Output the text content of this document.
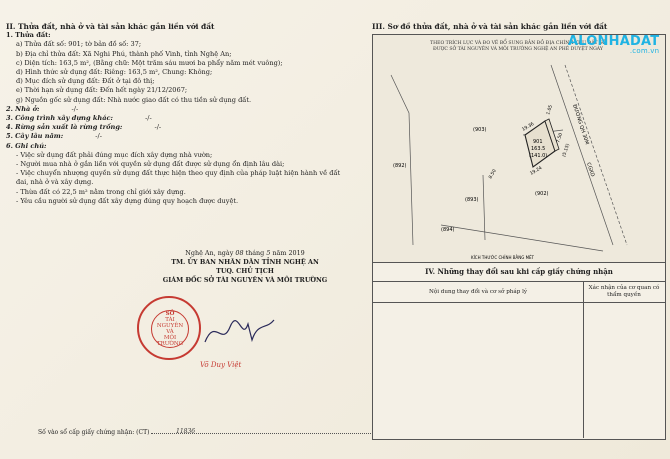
II. Thửa đất, nhà ở và tài sản khác gắn liền với đất
1. Thửa đất:
a) Thửa đất số: 901; tờ bản đồ số: 37;
b) Địa chỉ thửa đất: Xã Nghi Phú, thành phố Vinh, tỉnh Nghệ An;
c) Diện tích: 163,5 m², (Bằng chữ: Một trăm sáu mươi ba phẩy năm mét vuông);
d) Hình thức sử dụng đất: Riêng: 163,5 m², Chung: Không;
đ) Mục đích sử dụng đất: Đất ở tại đô thị;
e) Thời hạn sử dụng đất: Đến hết ngày 21/12/2067;
g) Nguồn gốc sử dụng đất: Nhà nước giao đất có thu tiền sử dụng đất.
2. Nhà ở:	-/-
3. Công trình xây dựng khác:	-/-
4. Rừng sản xuất là rừng trồng:	-/-
5. Cây lâu năm:	-/-
6. Ghi chú:
- Việc sử dụng đất phải đúng mục đích xây dựng nhà vườn;
- Người mua nhà ở gắn liền với quyền sử dụng đất được sử dụng ổn định lâu dài;
- Việc chuyển nhượng quyền sử dụng đất thực hiện theo quy định của pháp luật hiện hành về đất
đai, nhà ở và xây dựng.
- Thừa đất có 22,5 m² nằm trong chỉ giới xây dựng.
- Yêu cầu người sử dụng đất xây dựng đúng quy hoạch được duyệt.
Nghệ An, ngày 08 tháng 5 năm 2019
TM. ỦY BAN NHÂN DÂN TỈNH NGHỆ AN
TUQ. CHỦ TỊCH
GIÁM ĐỐC SỞ TÀI NGUYÊN VÀ MÔI TRƯỜNG
SỞ
TÀI NGUYÊN
VÀ
MÔI TRƯỜNG
Võ Duy Việt
Số vào sổ cấp giấy chứng nhận: (CT)	11836
III. Sơ đồ thửa đất, nhà ở và tài sản khác gắn liền với đất
THEO TRÍCH LỤC VÀ ĐO VẼ BỔ SUNG BẢN ĐỒ ĐỊA CHÍNH KHU ĐẤT SỐ
ĐƯỢC SỞ TÀI NGUYÊN VÀ MÔI TRƯỜNG NGHỆ AN PHÊ DUYỆT NGÀY
(903)
(892)
(893)
(902)
(894)
901
163.5
(141.0)
19.36
19.24
1.05
7.50
(5.15)
8.50
ĐƯỜNG QH 30M
CGXD
KÍCH THƯỚC CHỈNH BẰNG MÉT
IV. Những thay đổi sau khi cấp giấy chứng nhận
Nội dung thay đổi và cơ sở pháp lý
Xác nhận của cơ quan có thẩm quyền
ALONHADAT
.com.vn
